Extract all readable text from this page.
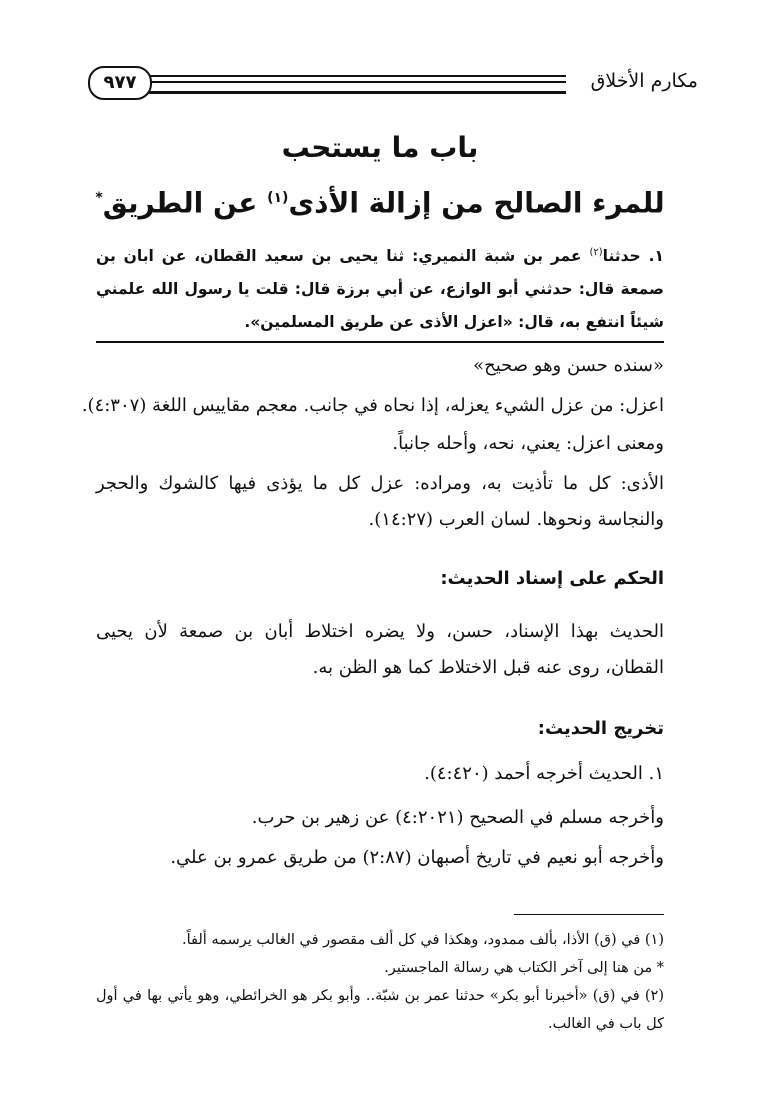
مكارم الأخلاق
٩٧٧
باب ما يستحب
للمرء الصالح من إزالة الأذى$^{(١)}$ عن الطريق*
١. حدثنا$^{(٢)}$ عمر بن شبة النميري: ثنا يحيى بن سعيد القطان، عن ابان بن صمعة قال: حدثني أبو الوازع، عن أبي برزة قال: قلت يا رسول الله علمني شيئاً انتفع به، قال: «اعزل الأذى عن طريق المسلمين».
«سنده حسن وهو صحيح»
اعزل: من عزل الشيء يعزله، إذا نحاه في جانب. معجم مقاييس اللغة (٤:٣٠٧).
ومعنى اعزل: يعني، نحه، وأحله جانباً.
الأذى: كل ما تأذيت به، ومراده: عزل كل ما يؤذى فيها كالشوك والحجر والنجاسة ونحوها. لسان العرب (١٤:٢٧).
الحكم على إسناد الحديث:
الحديث بهذا الإسناد، حسن، ولا يضره اختلاط أبان بن صمعة لأن يحيى القطان، روى عنه قبل الاختلاط كما هو الظن به.
تخريج الحديث:
١. الحديث أخرجه أحمد (٤:٤٢٠).
وأخرجه مسلم في الصحيح (٤:٢٠٢١) عن زهير بن حرب.
وأخرجه أبو نعيم في تاريخ أصبهان (٢:٨٧) من طريق عمرو بن علي.
(١) في (ق) الأذا، بألف ممدود، وهكذا في كل ألف مقصور في الغالب يرسمه ألفاً.
* من هنا إلى آخر الكتاب هي رسالة الماجستير.
(٢) في (ق) «أخبرنا أبو بكر» حدثنا عمر بن شبّة.. وأبو بكر هو الخرائطي، وهو يأتي بها في أول كل باب في الغالب.
